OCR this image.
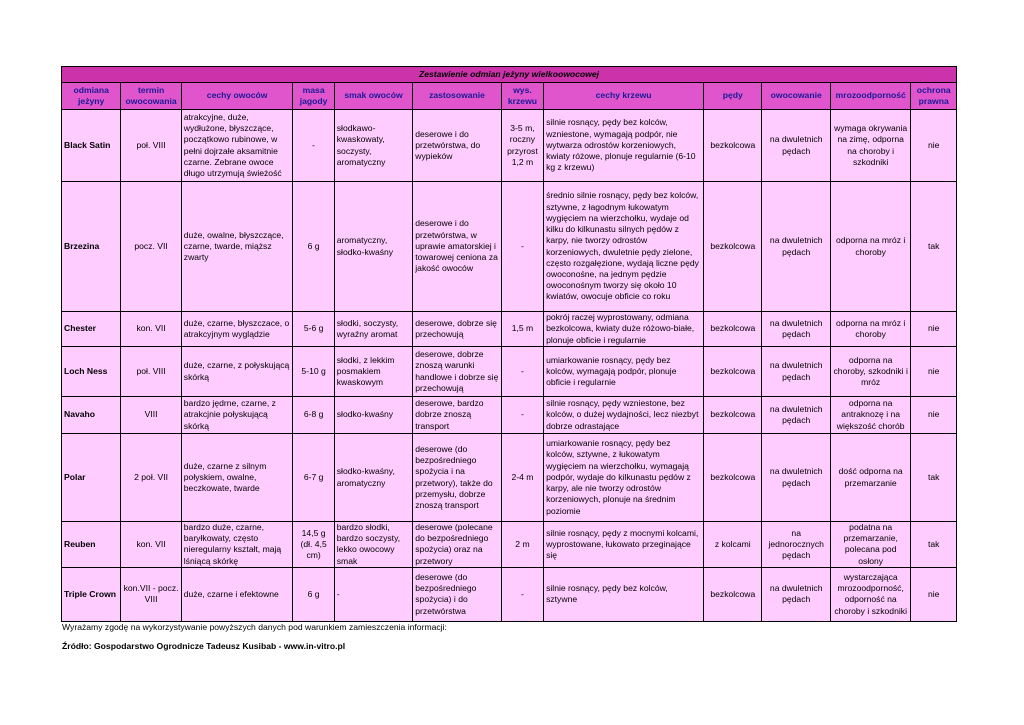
Zestawienie odmian jeżyny wielkoowocowej											
odmiana jeżyny	termin owocowania	cechy owoców	masa jagody	smak owoców	zastosowanie	wys. krzewu	cechy krzewu	pędy	owocowanie	mrozoodporność	ochrona prawna
Black Satin	poł. VIII	atrakcyjne, duże, wydłużone, błyszczące, początkowo rubinowe, w pełni dojrzałe aksamitnie czarne. Zebrane owoce długo utrzymują świeżość	-	słodkawo-kwaskowaty, soczysty, aromatyczny	deserowe i do przetwórstwa, do wypieków	3-5 m, roczny przyrost 1,2 m	silnie rosnący, pędy bez kolców, wzniestone, wymagają podpór, nie wytwarza odrostów korzeniowych, kwiaty różowe, plonuje regularnie (6-10 kg z krzewu)	bezkolcowa	na dwuletnich pędach	wymaga okrywania na zimę, odporna na choroby i szkodniki	nie
Brzezina	pocz. VII	duże, owalne, błyszczące, czarne, twarde, miąższ zwarty	6 g	aromatyczny, słodko-kwaśny	deserowe i do przetwórstwa, w uprawie amatorskiej i towarowej ceniona za jakość owoców	-	średnio silnie rosnący, pędy bez kolców, sztywne, z łagodnym łukowatym wygięciem na wierzchołku, wydaje od kilku do kilkunastu silnych pędów z karpy, nie tworzy odrostów korzeniowych, dwuletnie pędy zielone, często rozgałęzione, wydają liczne pędy owoconośne, na jednym pędzie owoconośnym tworzy się około 10 kwiatów, owocuje obficie co roku	bezkolcowa	na dwuletnich pędach	odporna na mróz i choroby	tak
Chester	kon. VII	duże, czarne, błyszczace, o atrakcyjnym wyglądzie	5-6 g	słodki, soczysty, wyraźny aromat	deserowe, dobrze się przechowują	1,5 m	pokrój raczej wyprostowany, odmiana bezkolcowa, kwiaty duże różowo-białe, plonuje obficie i regularnie	bezkolcowa	na dwuletnich pędach	odporna na mróz i choroby	nie
Loch Ness	poł. VIII	duże, czarne, z połyskującą skórką	5-10 g	słodki, z lekkim posmakiem kwaskowym	deserowe, dobrze znoszą warunki handlowe i dobrze się przechowują	-	umiarkowanie rosnący, pędy bez kolców, wymagają podpór, plonuje obficie i regularnie	bezkolcowa	na dwuletnich pędach	odporna na choroby, szkodniki i mróz	nie
Navaho	VIII	bardzo jędrne, czarne, z atrakcjnie połyskującą skórką	6-8 g	słodko-kwaśny	deserowe, bardzo dobrze znoszą transport	-	silnie rosnący, pędy wzniestone, bez kolców, o dużej wydajności, lecz niezbyt dobrze odrastające	bezkolcowa	na dwuletnich pędach	odporna na antraknozę i na większość chorób	nie
Polar	2 poł. VII	duże, czarne z silnym połyskiem, owalne, beczkowate, twarde	6-7 g	słodko-kwaśny, aromatyczny	deserowe (do bezpośredniego spożycia i na przetwory), także do przemysłu, dobrze znoszą transport	2-4 m	umiarkowanie rosnący, pędy bez kolców, sztywne, z łukowatym wygięciem na wierzchołku, wymagają podpór, wydaje do kilkunastu pędów z karpy, ale nie tworzy odrostów korzeniowych, plonuje na średnim poziomie	bezkolcowa	na dwuletnich pędach	dość odporna na przemarzanie	tak
Reuben	kon. VII	bardzo duże, czarne, baryłkowaty, często nieregularny kształt, mają lśniącą skórkę	14,5 g (dł. 4,5 cm)	bardzo słodki, bardzo soczysty, lekko owocowy smak	deserowe (polecane do bezpośredniego spożycia) oraz na przetwory	2 m	silnie rosnący, pędy z mocnymi kolcami, wyprostowane, łukowato przeginające się	z kolcami	na jednorocznych pędach	podatna na przemarzanie, polecana pod osłony	tak
Triple Crown	kon.VII - pocz. VIII	duże, czarne i efektowne	6 g	-	deserowe (do bezpośredniego spożycia) i do przetwórstwa	-	silnie rosnący, pędy bez kolców, sztywne	bezkolcowa	na dwuletnich pędach	wystarczająca mrozoodporność, odporność na choroby i szkodniki	nie
Wyrażamy zgodę na wykorzystywanie powyższych danych pod warunkiem zamieszczenia informacji:
Źródło: Gospodarstwo Ogrodnicze Tadeusz Kusibab - www.in-vitro.pl
